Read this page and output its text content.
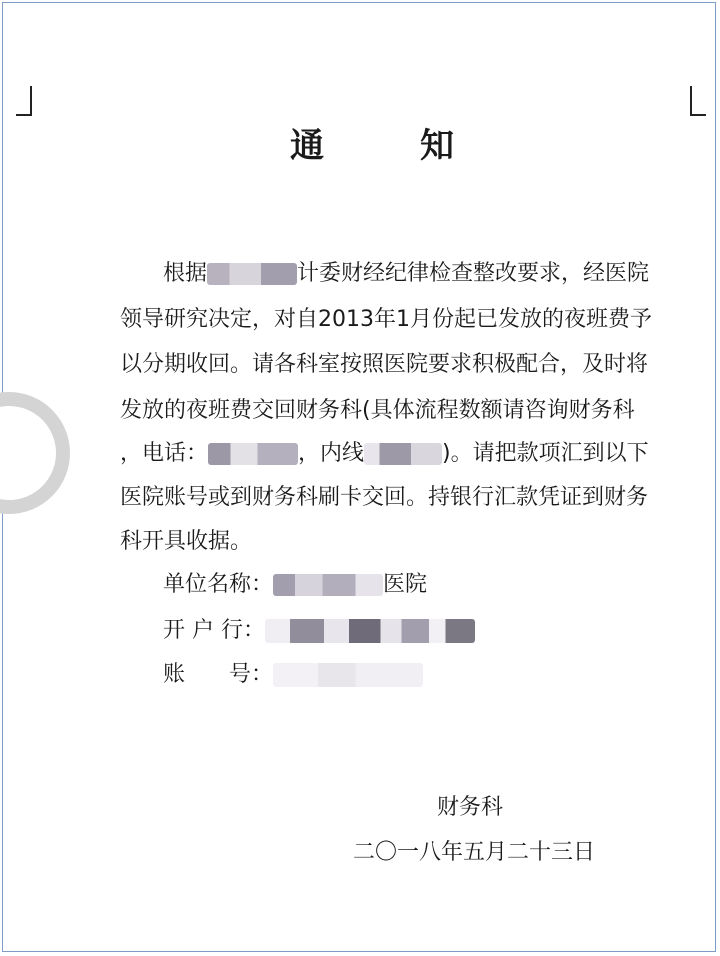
通	知
根据	计委财经纪律检查整改要求，经医院
领导研究决定，对自2013年1月份起已发放的夜班费予
以分期收回。请各科室按照医院要求积极配合，及时将
发放的夜班费交回财务科(具体流程数额请咨询财务科
，电话：	，内线	)。请把款项汇到以下
医院账号或到财务科刷卡交回。持银行汇款凭证到财务
科开具收据。
单位名称：	医院
开 户 行：
账　　号：
财务科
二〇一八年五月二十三日
